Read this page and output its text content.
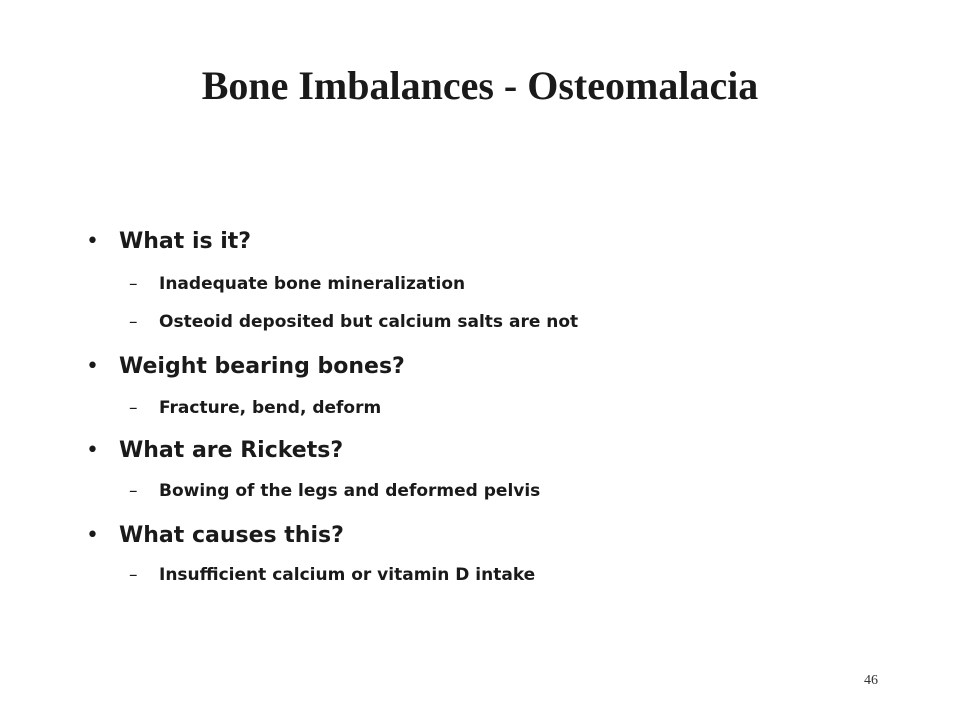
Bone Imbalances - Osteomalacia
• What is it?
– Inadequate bone mineralization
– Osteoid deposited but calcium salts are not
• Weight bearing bones?
– Fracture, bend, deform
• What are Rickets?
– Bowing of the legs and deformed pelvis
• What causes this?
– Insufficient calcium or vitamin D intake
46
